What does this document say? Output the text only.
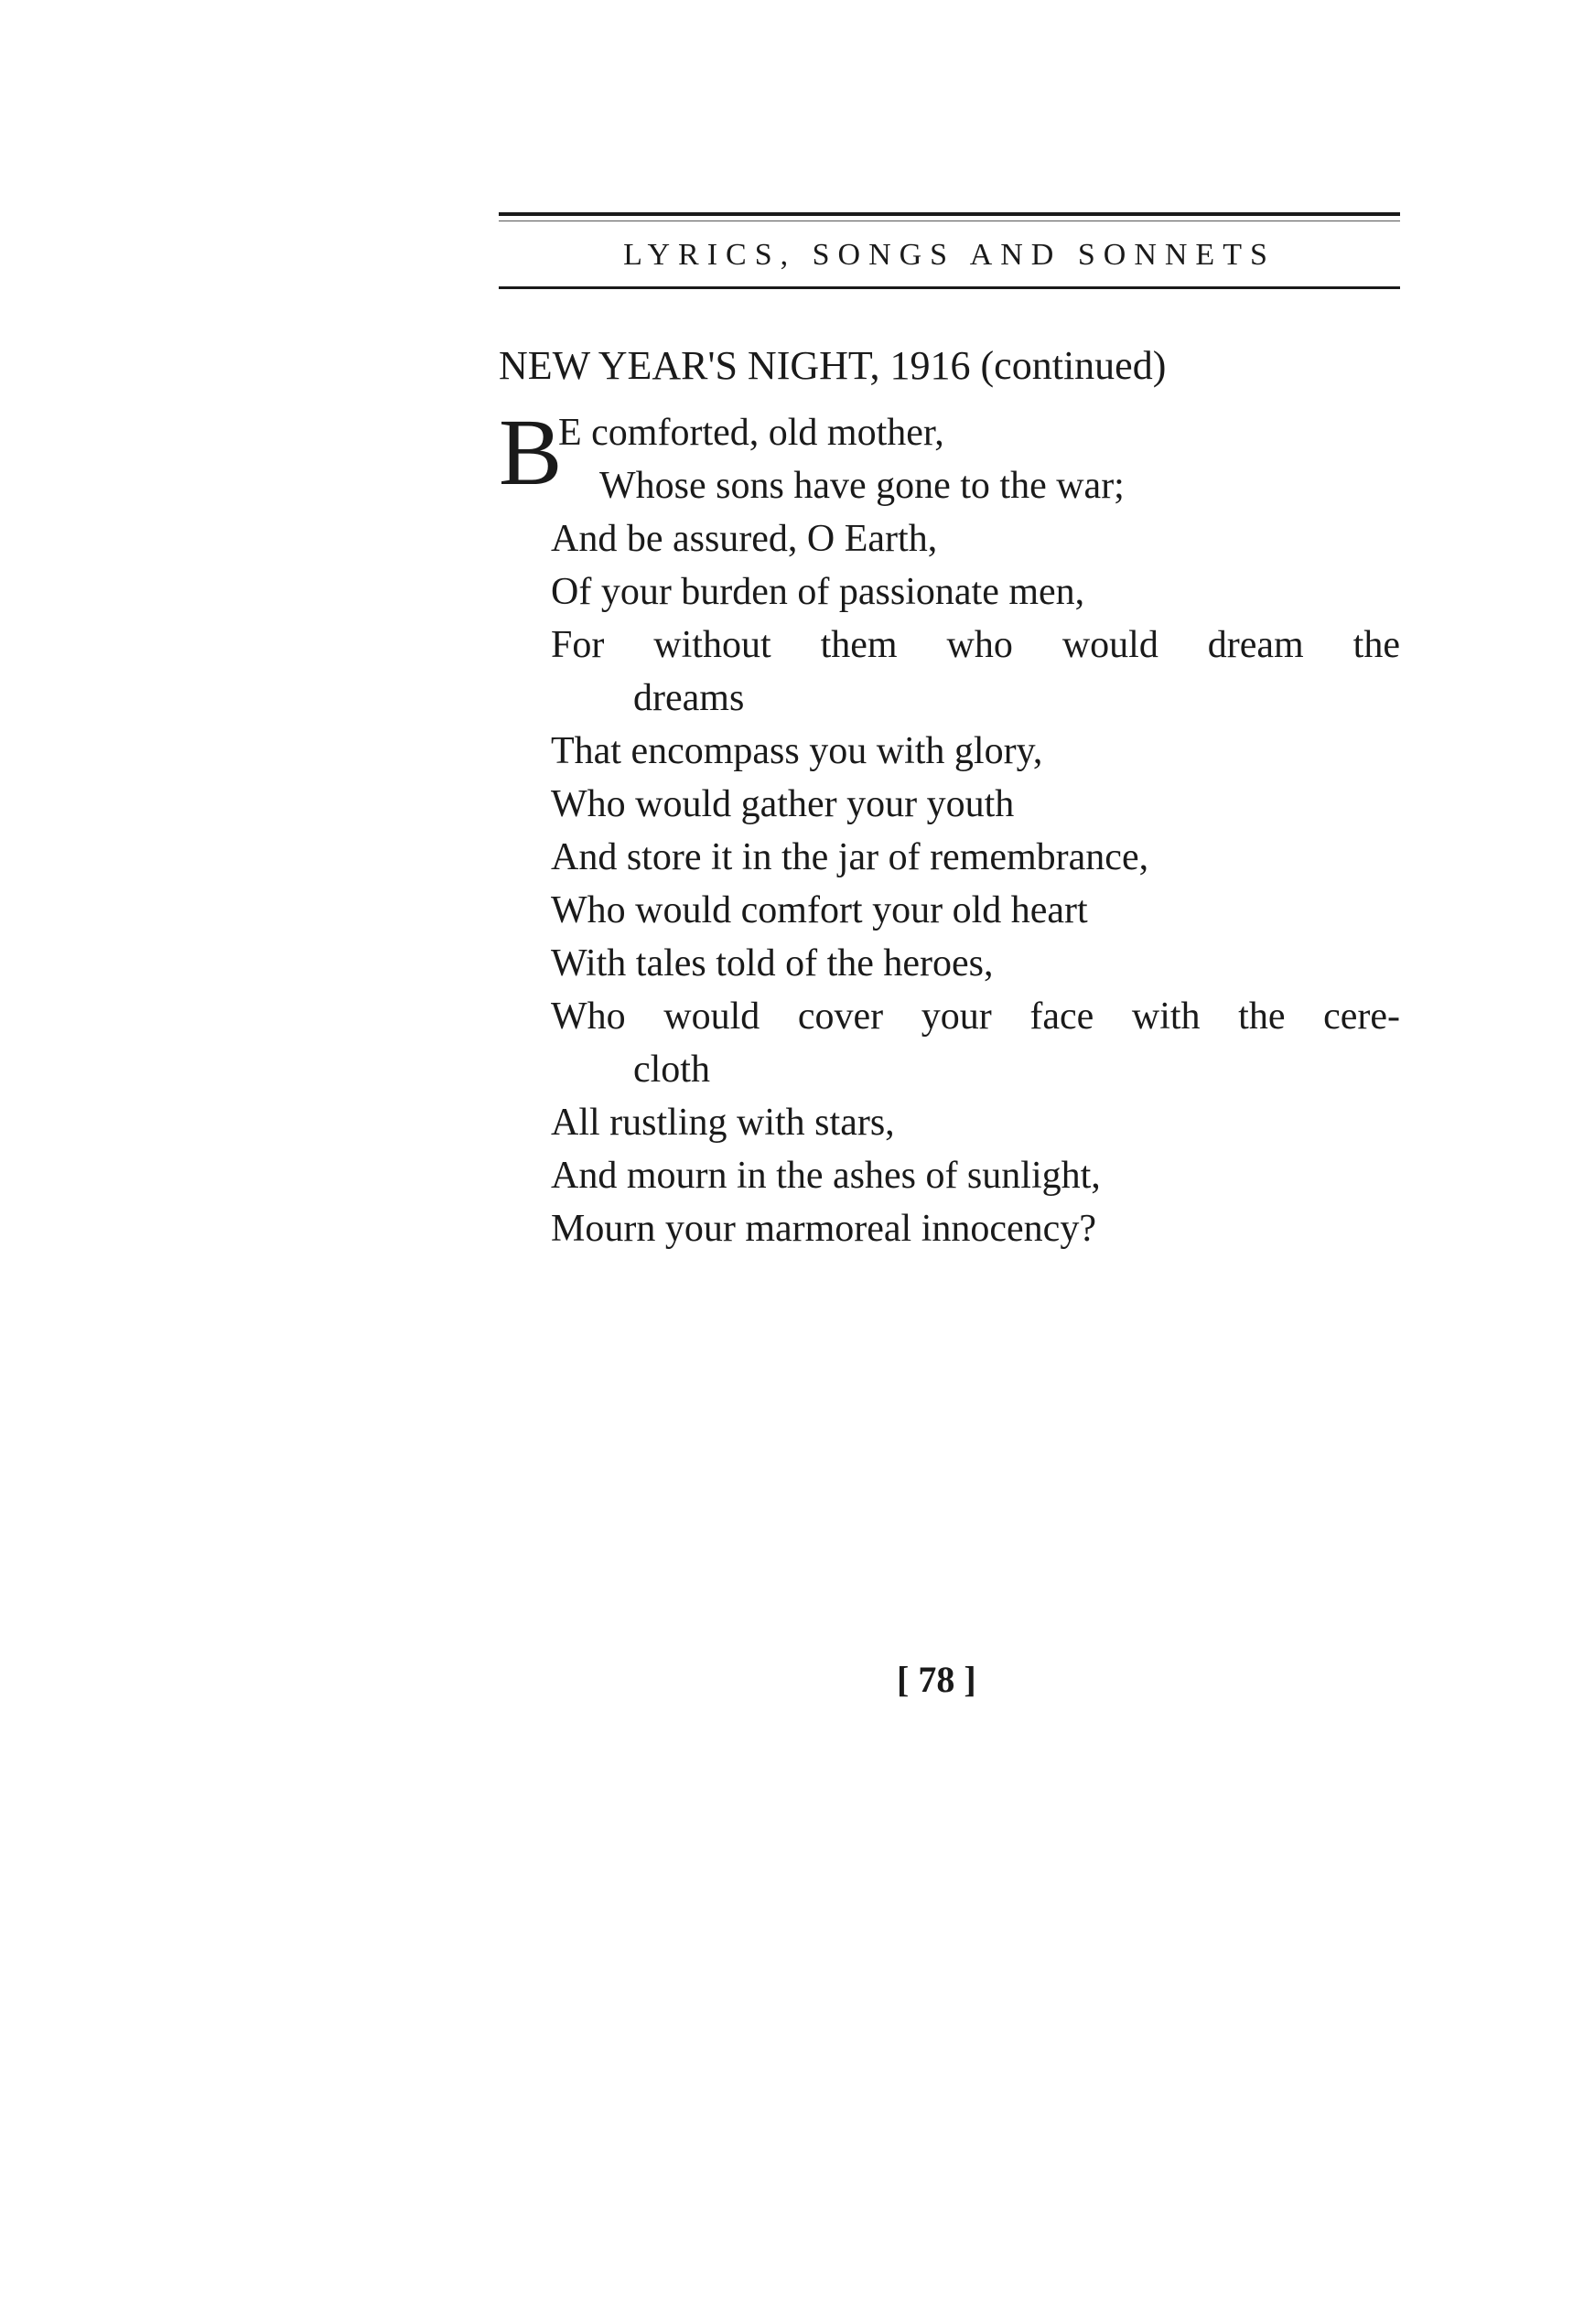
LYRICS, SONGS AND SONNETS
NEW YEAR'S NIGHT, 1916 (continued)
B
E comforted, old mother,
Whose sons have gone to the war;
And be assured, O Earth,
Of your burden of passionate men,
For without them who would dream the
dreams
That encompass you with glory,
Who would gather your youth
And store it in the jar of remembrance,
Who would comfort your old heart
With tales told of the heroes,
Who would cover your face with the cere-
cloth
All rustling with stars,
And mourn in the ashes of sunlight,
Mourn your marmoreal innocency?
[ 78 ]
